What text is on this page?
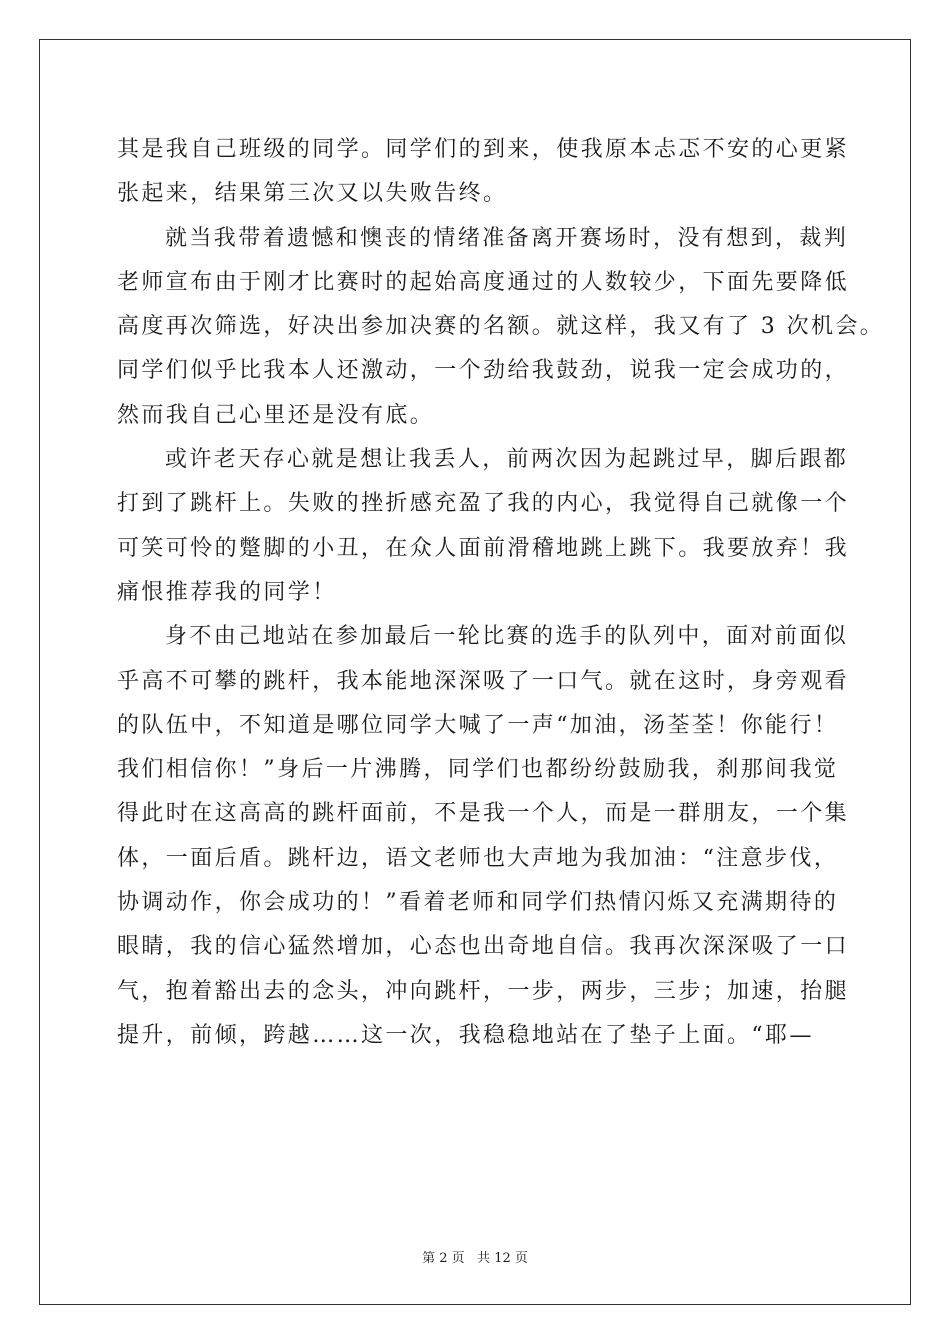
其是我自己班级的同学。同学们的到来，使我原本忐忑不安的心更紧
张起来，结果第三次又以失败告终。
就当我带着遗憾和懊丧的情绪准备离开赛场时，没有想到，裁判
老师宣布由于刚才比赛时的起始高度通过的人数较少，下面先要降低
高度再次筛选，好决出参加决赛的名额。就这样，我又有了 3 次机会。
同学们似乎比我本人还激动，一个劲给我鼓劲，说我一定会成功的，
然而我自己心里还是没有底。
或许老天存心就是想让我丢人，前两次因为起跳过早，脚后跟都
打到了跳杆上。失败的挫折感充盈了我的内心，我觉得自己就像一个
可笑可怜的蹩脚的小丑，在众人面前滑稽地跳上跳下。我要放弃！我
痛恨推荐我的同学！
身不由己地站在参加最后一轮比赛的选手的队列中，面对前面似
乎高不可攀的跳杆，我本能地深深吸了一口气。就在这时，身旁观看
的队伍中，不知道是哪位同学大喊了一声“加油，汤荃荃！你能行！
我们相信你！”身后一片沸腾，同学们也都纷纷鼓励我，刹那间我觉
得此时在这高高的跳杆面前，不是我一个人，而是一群朋友，一个集
体，一面后盾。跳杆边，语文老师也大声地为我加油：“注意步伐，
协调动作，你会成功的！”看着老师和同学们热情闪烁又充满期待的
眼睛，我的信心猛然增加，心态也出奇地自信。我再次深深吸了一口
气，抱着豁出去的念头，冲向跳杆，一步，两步，三步；加速，抬腿
提升，前倾，跨越……这一次，我稳稳地站在了垫子上面。“耶—
第 2 页   共 12 页
